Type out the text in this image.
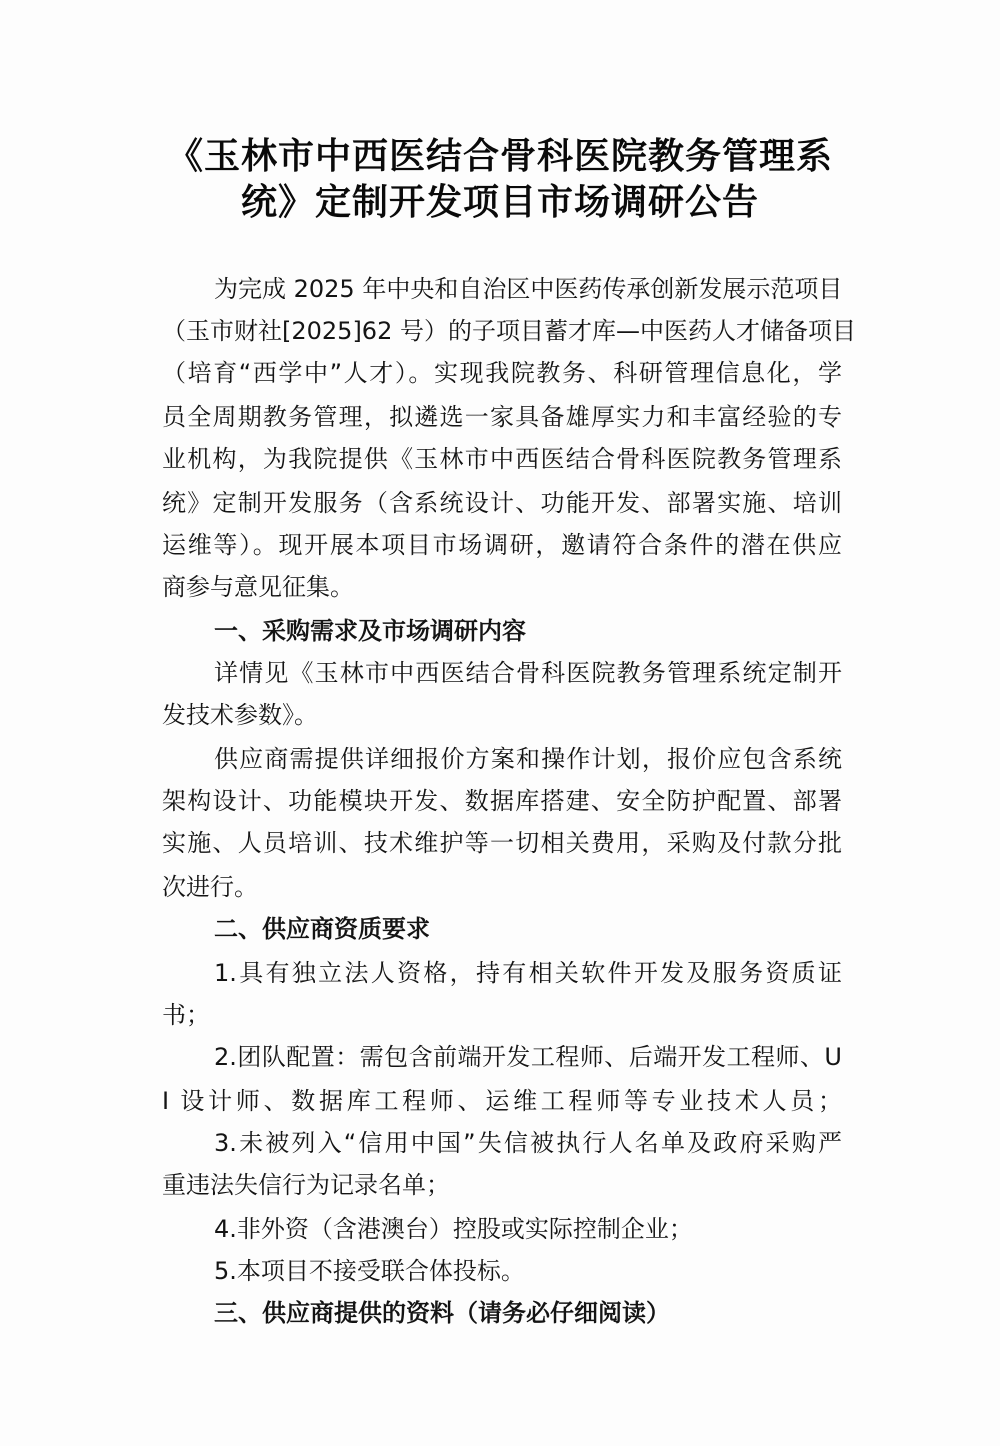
《玉林市中西医结合骨科医院教务管理系
统》定制开发项目市场调研公告
为完成 2025 年中央和自治区中医药传承创新发展示范项目
（玉市财社[2025]62 号）的子项目蓄才库—中医药人才储备项目
（培育“西学中”人才）。实现我院教务、科研管理信息化，学
员全周期教务管理，拟遴选一家具备雄厚实力和丰富经验的专
业机构，为我院提供《玉林市中西医结合骨科医院教务管理系
统》定制开发服务（含系统设计、功能开发、部署实施、培训
运维等）。现开展本项目市场调研，邀请符合条件的潜在供应
商参与意见征集。
一、采购需求及市场调研内容
详情见《玉林市中西医结合骨科医院教务管理系统定制开
发技术参数》。
供应商需提供详细报价方案和操作计划，报价应包含系统
架构设计、功能模块开发、数据库搭建、安全防护配置、部署
实施、人员培训、技术维护等一切相关费用，采购及付款分批
次进行。
二、供应商资质要求
1.具有独立法人资格，持有相关软件开发及服务资质证
书；
2.团队配置：需包含前端开发工程师、后端开发工程师、U
I 设计师、数据库工程师、运维工程师等专业技术人员；
3.未被列入“信用中国”失信被执行人名单及政府采购严
重违法失信行为记录名单；
4.非外资（含港澳台）控股或实际控制企业；
5.本项目不接受联合体投标。
三、供应商提供的资料（请务必仔细阅读）
